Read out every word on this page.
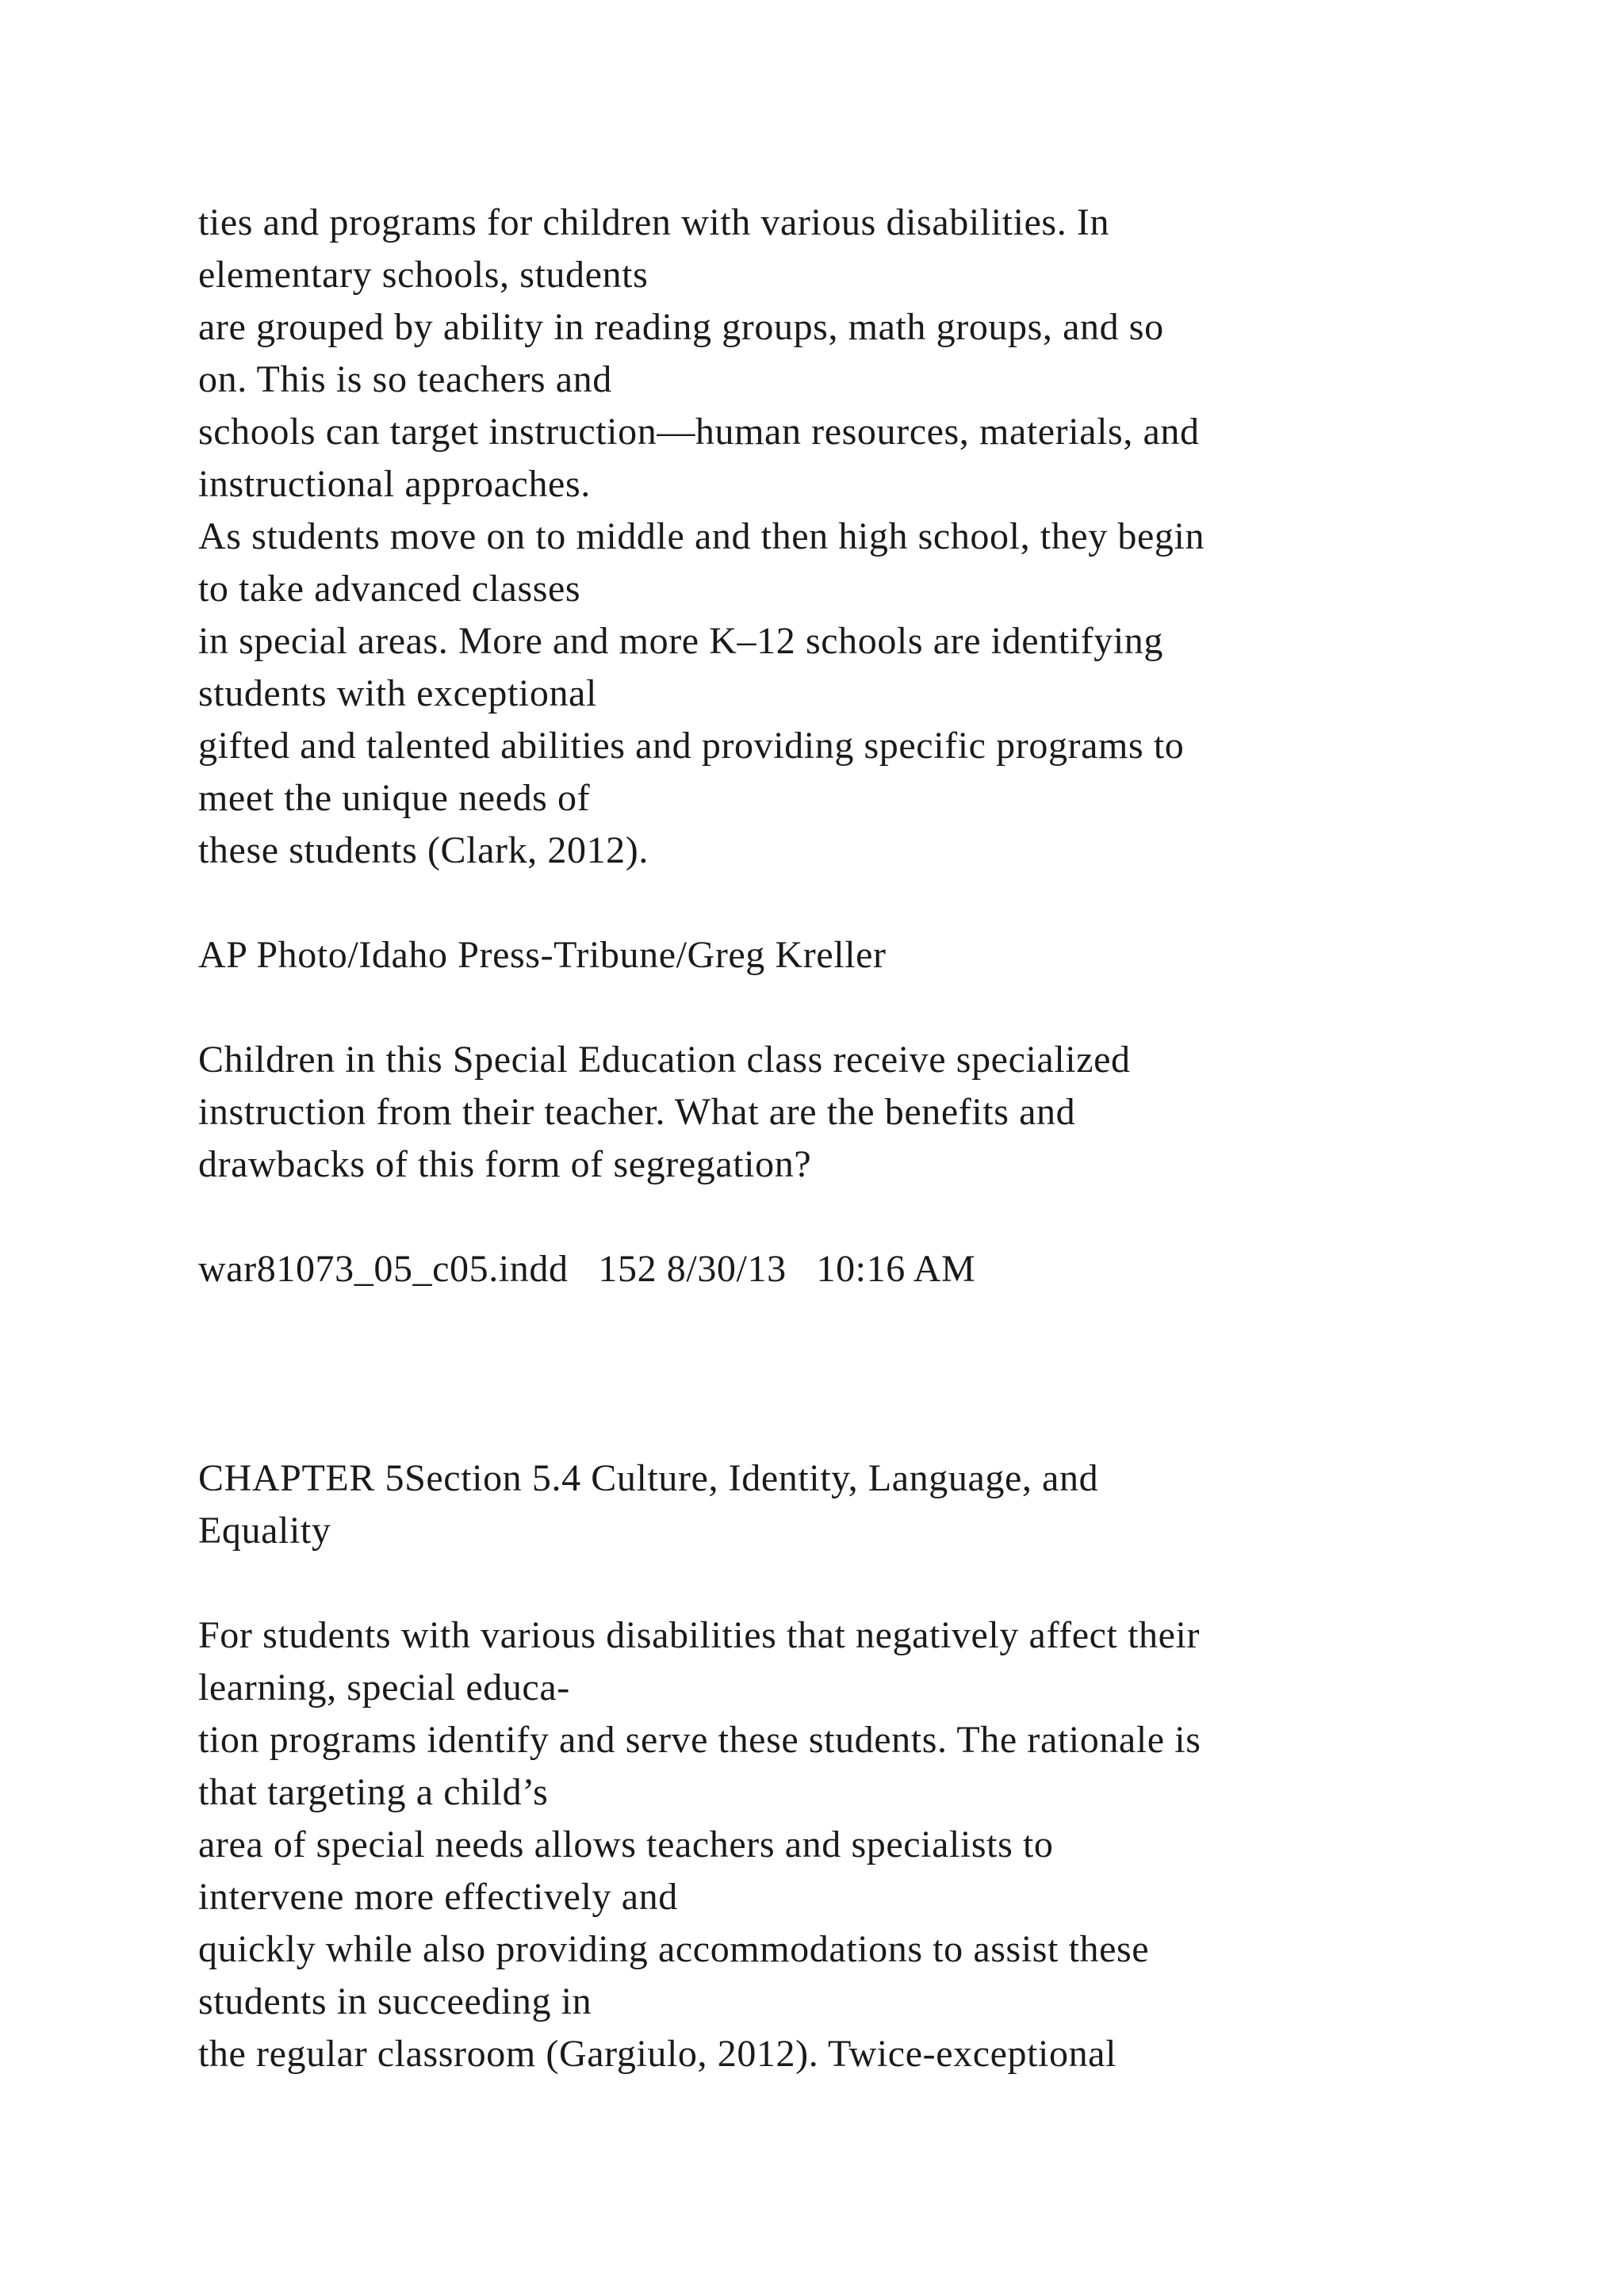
ties and programs for children with various disabilities. In
elementary schools, students
are grouped by ability in reading groups, math groups, and so
on. This is so teachers and
schools can target instruction—human resources, materials, and
instructional approaches.
As students move on to middle and then high school, they begin
to take advanced classes
in special areas. More and more K–12 schools are identifying
students with exceptional
gifted and talented abilities and providing specific programs to
meet the unique needs of
these students (Clark, 2012).
AP Photo/Idaho Press-Tribune/Greg Kreller
Children in this Special Education class receive specialized
instruction from their teacher. What are the benefits and
drawbacks of this form of segregation?
war81073_05_c05.indd   152 8/30/13   10:16 AM
CHAPTER 5Section 5.4 Culture, Identity, Language, and
Equality
For students with various disabilities that negatively affect their
learning, special educa-
tion programs identify and serve these students. The rationale is
that targeting a child’s
area of special needs allows teachers and specialists to
intervene more effectively and
quickly while also providing accommodations to assist these
students in succeeding in
the regular classroom (Gargiulo, 2012). Twice-exceptional
